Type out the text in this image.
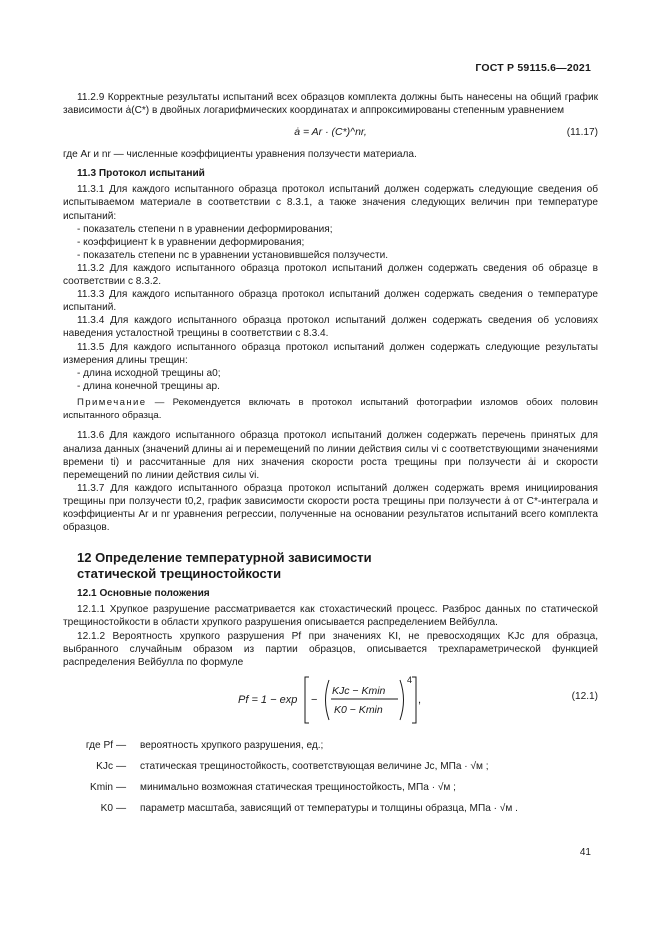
ГОСТ Р 59115.6—2021

11.2.9 Корректные результаты испытаний всех образцов комплекта должны быть нанесены на общий график зависимости ȧ(C*) в двойных логарифмических координатах и аппроксимированы степенным уравнением

ȧ = Ar · (C*)^nr,	(11.17)

где Ar и nr — численные коэффициенты уравнения ползучести материала.

11.3 Протокол испытаний

11.3.1 Для каждого испытанного образца протокол испытаний должен содержать следующие сведения об испытываемом материале в соответствии с 8.3.1, а также значения следующих величин при температуре испытаний:

- показатель степени n в уравнении деформирования;

- коэффициент k в уравнении деформирования;

- показатель степени nc в уравнении установившейся ползучести.

11.3.2 Для каждого испытанного образца протокол испытаний должен содержать сведения об образце в соответствии с 8.3.2.

11.3.3 Для каждого испытанного образца протокол испытаний должен содержать сведения о температуре испытаний.

11.3.4 Для каждого испытанного образца протокол испытаний должен содержать сведения об условиях наведения усталостной трещины в соответствии с 8.3.4.

11.3.5 Для каждого испытанного образца протокол испытаний должен содержать следующие результаты измерения длины трещин:

- длина исходной трещины a0;

- длина конечной трещины ap.

Примечание — Рекомендуется включать в протокол испытаний фотографии изломов обоих половин испытанного образца.

11.3.6 Для каждого испытанного образца протокол испытаний должен содержать перечень принятых для анализа данных (значений длины ai и перемещений по линии действия силы vi с соответствующими значениями времени ti) и рассчитанные для них значения скорости роста трещины при ползучести ȧi и скорости перемещений по линии действия силы v̇i.

11.3.7 Для каждого испытанного образца протокол испытаний должен содержать время инициирования трещины при ползучести t0,2, график зависимости скорости роста трещины при ползучести ȧ от C*-интеграла и коэффициенты Ar и nr уравнения регрессии, полученные на основании результатов испытаний всего комплекта образцов.

12 Определение температурной зависимости статической трещиностойкости
12.1 Основные положения

12.1.1 Хрупкое разрушение рассматривается как стохастический процесс. Разброс данных по статической трещиностойкости в области хрупкого разрушения описывается распределением Вейбулла.

12.1.2 Вероятность хрупкого разрушения Pf при значениях KI, не превосходящих KJc для образца, выбранного случайным образом из партии образцов, описывается трехпараметрической функцией распределения Вейбулла по формуле

Pf = 1 − exp −
KJc − Kmin
K0 − Kmin
4
,	(12.1)
где Pf — вероятность хрупкого разрушения, ед.;
KJc — статическая трещиностойкость, соответствующая величине Jc, МПа · √м ;
Kmin — минимально возможная статическая трещиностойкость, МПа · √м ;
K0 — параметр масштаба, зависящий от температуры и толщины образца, МПа · √м .
41
